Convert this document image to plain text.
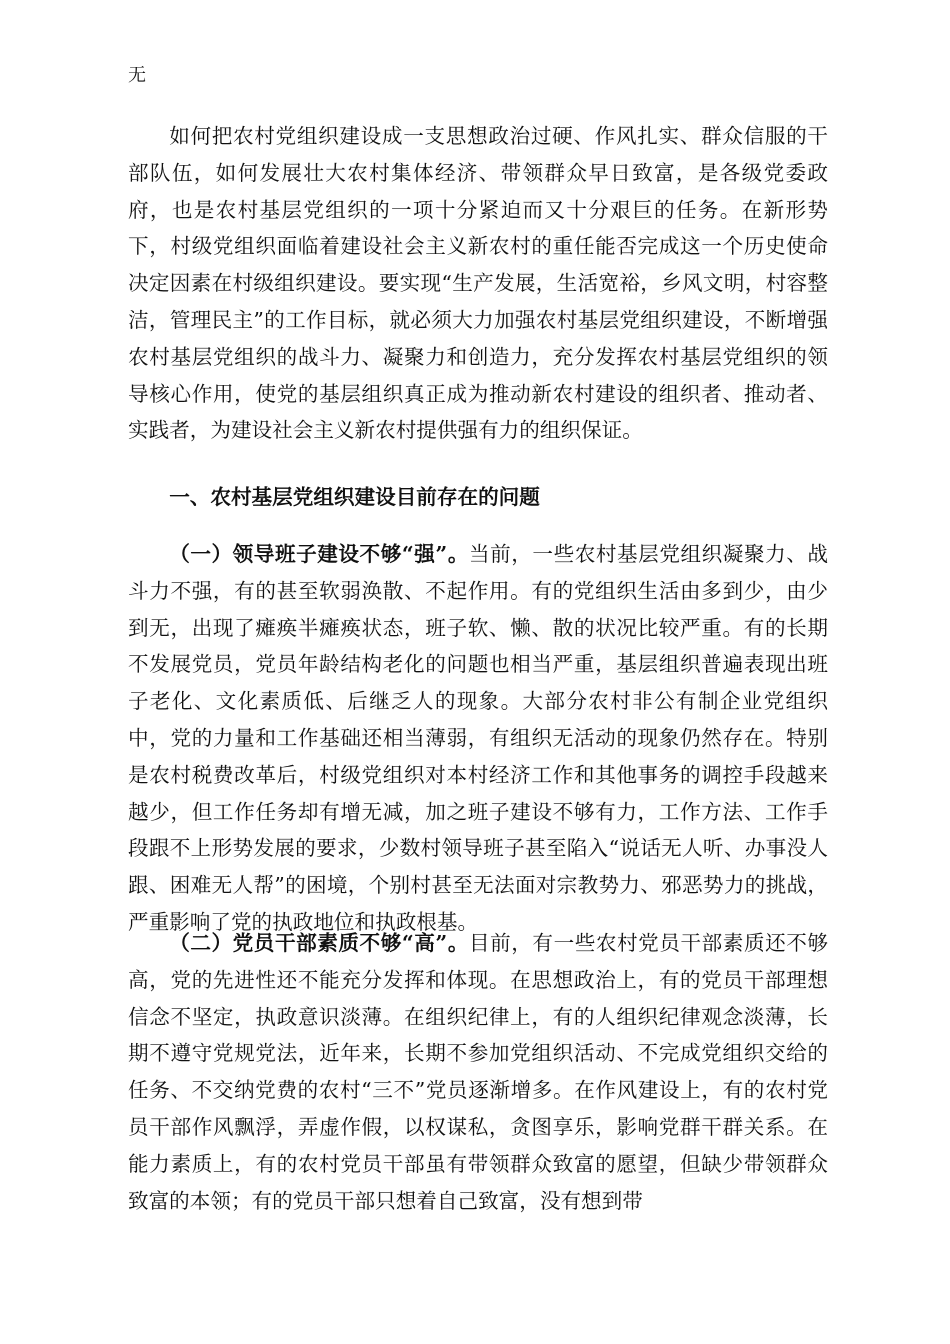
无

如何把农村党组织建设成一支思想政治过硬、作风扎实、群众信服的干部队伍，如何发展壮大农村集体经济、带领群众早日致富，是各级党委政府，也是农村基层党组织的一项十分紧迫而又十分艰巨的任务。在新形势下，村级党组织面临着建设社会主义新农村的重任能否完成这一个历史使命决定因素在村级组织建设。要实现“生产发展，生活宽裕，乡风文明，村容整洁，管理民主”的工作目标，就必须大力加强农村基层党组织建设，不断增强农村基层党组织的战斗力、凝聚力和创造力，充分发挥农村基层党组织的领导核心作用，使党的基层组织真正成为推动新农村建设的组织者、推动者、实践者，为建设社会主义新农村提供强有力的组织保证。

一、农村基层党组织建设目前存在的问题

（一）领导班子建设不够“强”。当前，一些农村基层党组织凝聚力、战斗力不强，有的甚至软弱涣散、不起作用。有的党组织生活由多到少，由少到无，出现了瘫痪半瘫痪状态，班子软、懒、散的状况比较严重。有的长期不发展党员，党员年龄结构老化的问题也相当严重，基层组织普遍表现出班子老化、文化素质低、后继乏人的现象。大部分农村非公有制企业党组织中，党的力量和工作基础还相当薄弱，有组织无活动的现象仍然存在。特别是农村税费改革后，村级党组织对本村经济工作和其他事务的调控手段越来越少，但工作任务却有增无减，加之班子建设不够有力，工作方法、工作手段跟不上形势发展的要求，少数村领导班子甚至陷入“说话无人听、办事没人跟、困难无人帮”的困境，个别村甚至无法面对宗教势力、邪恶势力的挑战，严重影响了党的执政地位和执政根基。

（二）党员干部素质不够“高”。目前，有一些农村党员干部素质还不够高，党的先进性还不能充分发挥和体现。在思想政治上，有的党员干部理想信念不坚定，执政意识淡薄。在组织纪律上，有的人组织纪律观念淡薄，长期不遵守党规党法，近年来，长期不参加党组织活动、不完成党组织交给的任务、不交纳党费的农村“三不”党员逐渐增多。在作风建设上，有的农村党员干部作风飘浮，弄虚作假，以权谋私，贪图享乐，影响党群干群关系。在能力素质上，有的农村党员干部虽有带领群众致富的愿望，但缺少带领群众致富的本领；有的党员干部只想着自己致富，没有想到带
